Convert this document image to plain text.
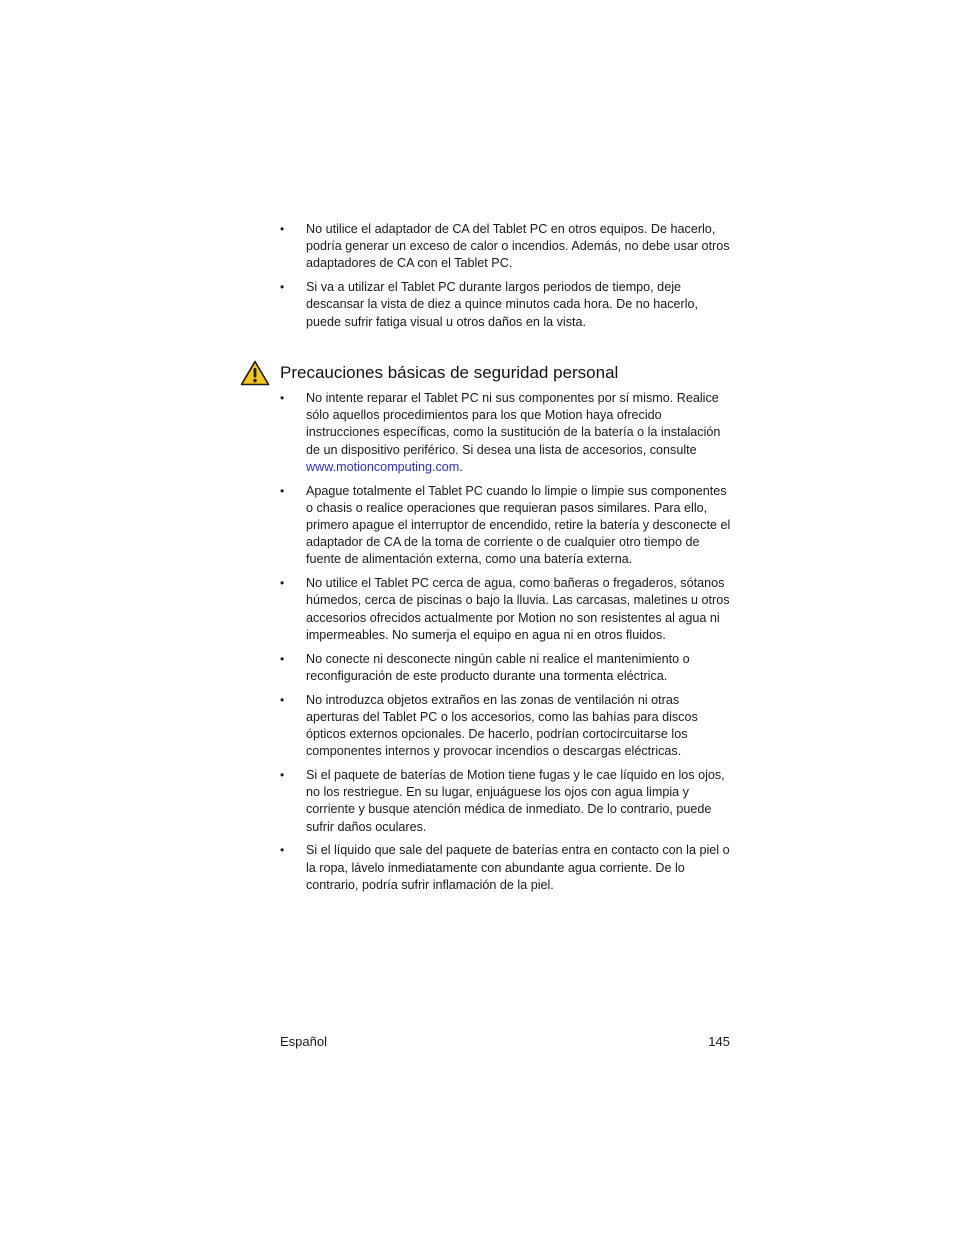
• No utilice el adaptador de CA del Tablet PC en otros equipos. De hacerlo, podría generar un exceso de calor o incendios. Además, no debe usar otros adaptadores de CA con el Tablet PC.
• Si va a utilizar el Tablet PC durante largos periodos de tiempo, deje descansar la vista de diez a quince minutos cada hora. De no hacerlo, puede sufrir fatiga visual u otros daños en la vista.
Precauciones básicas de seguridad personal
• No intente reparar el Tablet PC ni sus componentes por sí mismo. Realice sólo aquellos procedimientos para los que Motion haya ofrecido instrucciones específicas, como la sustitución de la batería o la instalación de un dispositivo periférico. Si desea una lista de accesorios, consulte www.motioncomputing.com.
• Apague totalmente el Tablet PC cuando lo limpie o limpie sus componentes o chasis o realice operaciones que requieran pasos similares. Para ello, primero apague el interruptor de encendido, retire la batería y desconecte el adaptador de CA de la toma de corriente o de cualquier otro tiempo de fuente de alimentación externa, como una batería externa.
• No utilice el Tablet PC cerca de agua, como bañeras o fregaderos, sótanos húmedos, cerca de piscinas o bajo la lluvia. Las carcasas, maletines u otros accesorios ofrecidos actualmente por Motion no son resistentes al agua ni impermeables. No sumerja el equipo en agua ni en otros fluidos.
• No conecte ni desconecte ningún cable ni realice el mantenimiento o reconfiguración de este producto durante una tormenta eléctrica.
• No introduzca objetos extraños en las zonas de ventilación ni otras aperturas del Tablet PC o los accesorios, como las bahías para discos ópticos externos opcionales. De hacerlo, podrían cortocircuitarse los componentes internos y provocar incendios o descargas eléctricas.
• Si el paquete de baterías de Motion tiene fugas y le cae líquido en los ojos, no los restriegue. En su lugar, enjuáguese los ojos con agua limpia y corriente y busque atención médica de inmediato. De lo contrario, puede sufrir daños oculares.
• Si el líquido que sale del paquete de baterías entra en contacto con la piel o la ropa, lávelo inmediatamente con abundante agua corriente. De lo contrario, podría sufrir inflamación de la piel.
Español	145
